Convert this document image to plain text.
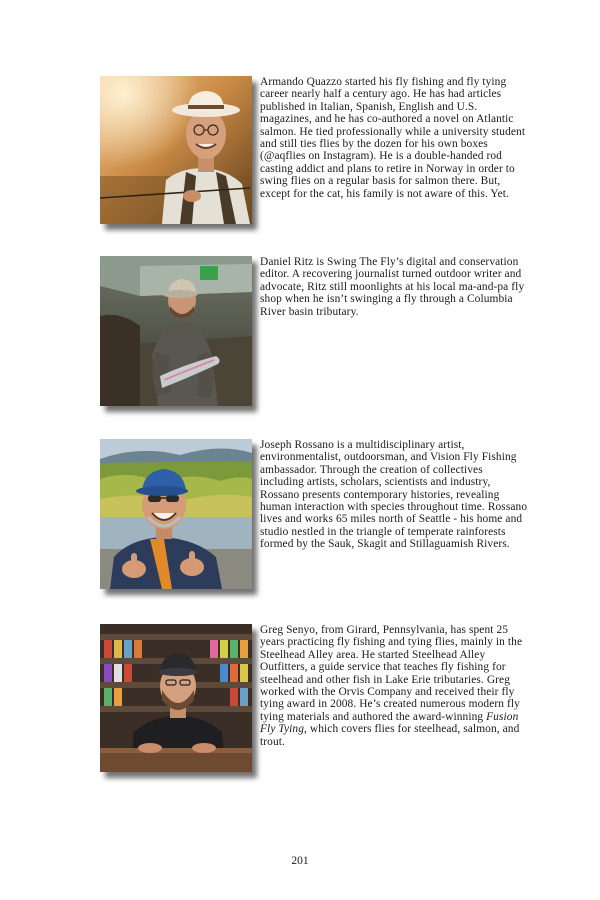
Armando Quazzo started his fly fishing and fly tying career nearly half a century ago. He has had articles published in Italian, Spanish, English and U.S. magazines, and he has co-authored a novel on Atlantic salmon. He tied professionally while a university student and still ties flies by the dozen for his own boxes (@aqflies on Instagram). He is a double-handed rod casting addict and plans to retire in Norway in order to swing flies on a regular basis for salmon there. But, except for the cat, his family is not aware of this. Yet.

Daniel Ritz is Swing The Fly’s digital and conservation editor. A recovering journalist turned outdoor writer and advocate, Ritz still moonlights at his local ma-and-pa fly shop when he isn’t swinging a fly through a Columbia River basin tributary.

Joseph Rossano is a multidisciplinary artist, environmentalist, outdoorsman, and Vision Fly Fishing ambassador. Through the creation of collectives including artists, scholars, scientists and industry, Rossano presents contemporary histories, revealing human interaction with species throughout time. Rossano lives and works 65 miles north of Seattle - his home and studio nestled in the triangle of temperate rainforests formed by the Sauk, Skagit and Stillaguamish Rivers.

Greg Senyo, from Girard, Pennsylvania, has spent 25 years practicing fly fishing and tying flies, mainly in the Steelhead Alley area. He started Steelhead Alley Outfitters, a guide service that teaches fly fishing for steelhead and other fish in Lake Erie tributaries. Greg worked with the Orvis Company and received their fly tying award in 2008. He’s created numerous modern fly tying materials and authored the award-winning Fusion Fly Tying, which covers flies for steelhead, salmon, and trout.

201
